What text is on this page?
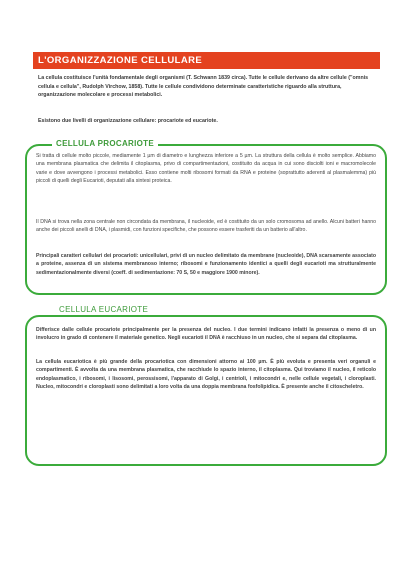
L'ORGANIZZAZIONE CELLULARE

La cellula costituisce l'unità fondamentale degli organismi (T. Schwann 1839 circa). Tutte le cellule derivano da altre cellule ("omnis cellula e cellula", Rudolph Virchow, 1858). Tutte le cellule condividono determinate caratteristiche riguardo alla struttura, organizzazione molecolare e processi metabolici.

Esistono due livelli di organizzazione cellulare: procariote ed eucariote.

CELLULA PROCARIOTE

Si tratta di cellule molto piccole, mediamente 1 µm di diametro e lunghezza inferiore a 5 µm. La struttura della cellula è molto semplice. Abbiamo una membrana plasmatica che delimita il citoplasma, privo di compartimentazioni, costituito da acqua in cui sono disciolti ioni e macromolecole varie e dove avvengono i processi metabolici. Esso contiene molti ribosomi formati da RNA e proteine (soprattutto aderenti al plasmalemma) più piccoli di quelli degli Eucarioti, deputati alla sintesi proteica.

Il DNA si trova nella zona centrale non circondata da membrana, il nucleoide, ed è costituito da un solo cromosoma ad anello. Alcuni batteri hanno anche dei piccoli anelli di DNA, i plasmidi, con funzioni specifiche, che possono essere trasferiti da un batterio all'altro.

Principali caratteri cellulari dei procarioti: unicellulari, privi di un nucleo delimitato da membrane (nucleoide), DNA scarsamente associato a proteine, assenza di un sistema membranoso interno; ribosomi e funzionamento identici a quelli degli eucarioti ma strutturalmente sedimentazionalmente diversi (coeff. di sedimentazione: 70 S, 50 e maggiore 1900 minore).

CELLULA EUCARIOTE

Differisce dalle cellule procariote principalmente per la presenza del nucleo. I due termini indicano infatti la presenza o meno di un involucro in grado di contenere il materiale genetico. Negli eucarioti il DNA è racchiuso in un nucleo, che si separa dal citoplasma.

La cellula eucariotica è più grande della procariotica con dimensioni attorno ai 100 µm. È più evoluta e presenta veri organuli e compartimenti. È avvolta da una membrana plasmatica, che racchiude lo spazio interno, il citoplasma. Qui troviamo il nucleo, il reticolo endoplasmatico, i ribosomi, i lisosomi, perossisomi, l'apparato di Golgi, i centrioli, i mitocondri e, nelle cellule vegetali, i cloroplasti. Nucleo, mitocondri e cloroplasti sono delimitati a loro volta da una doppia membrana fosfolipidica. È presente anche il citoscheletro.
